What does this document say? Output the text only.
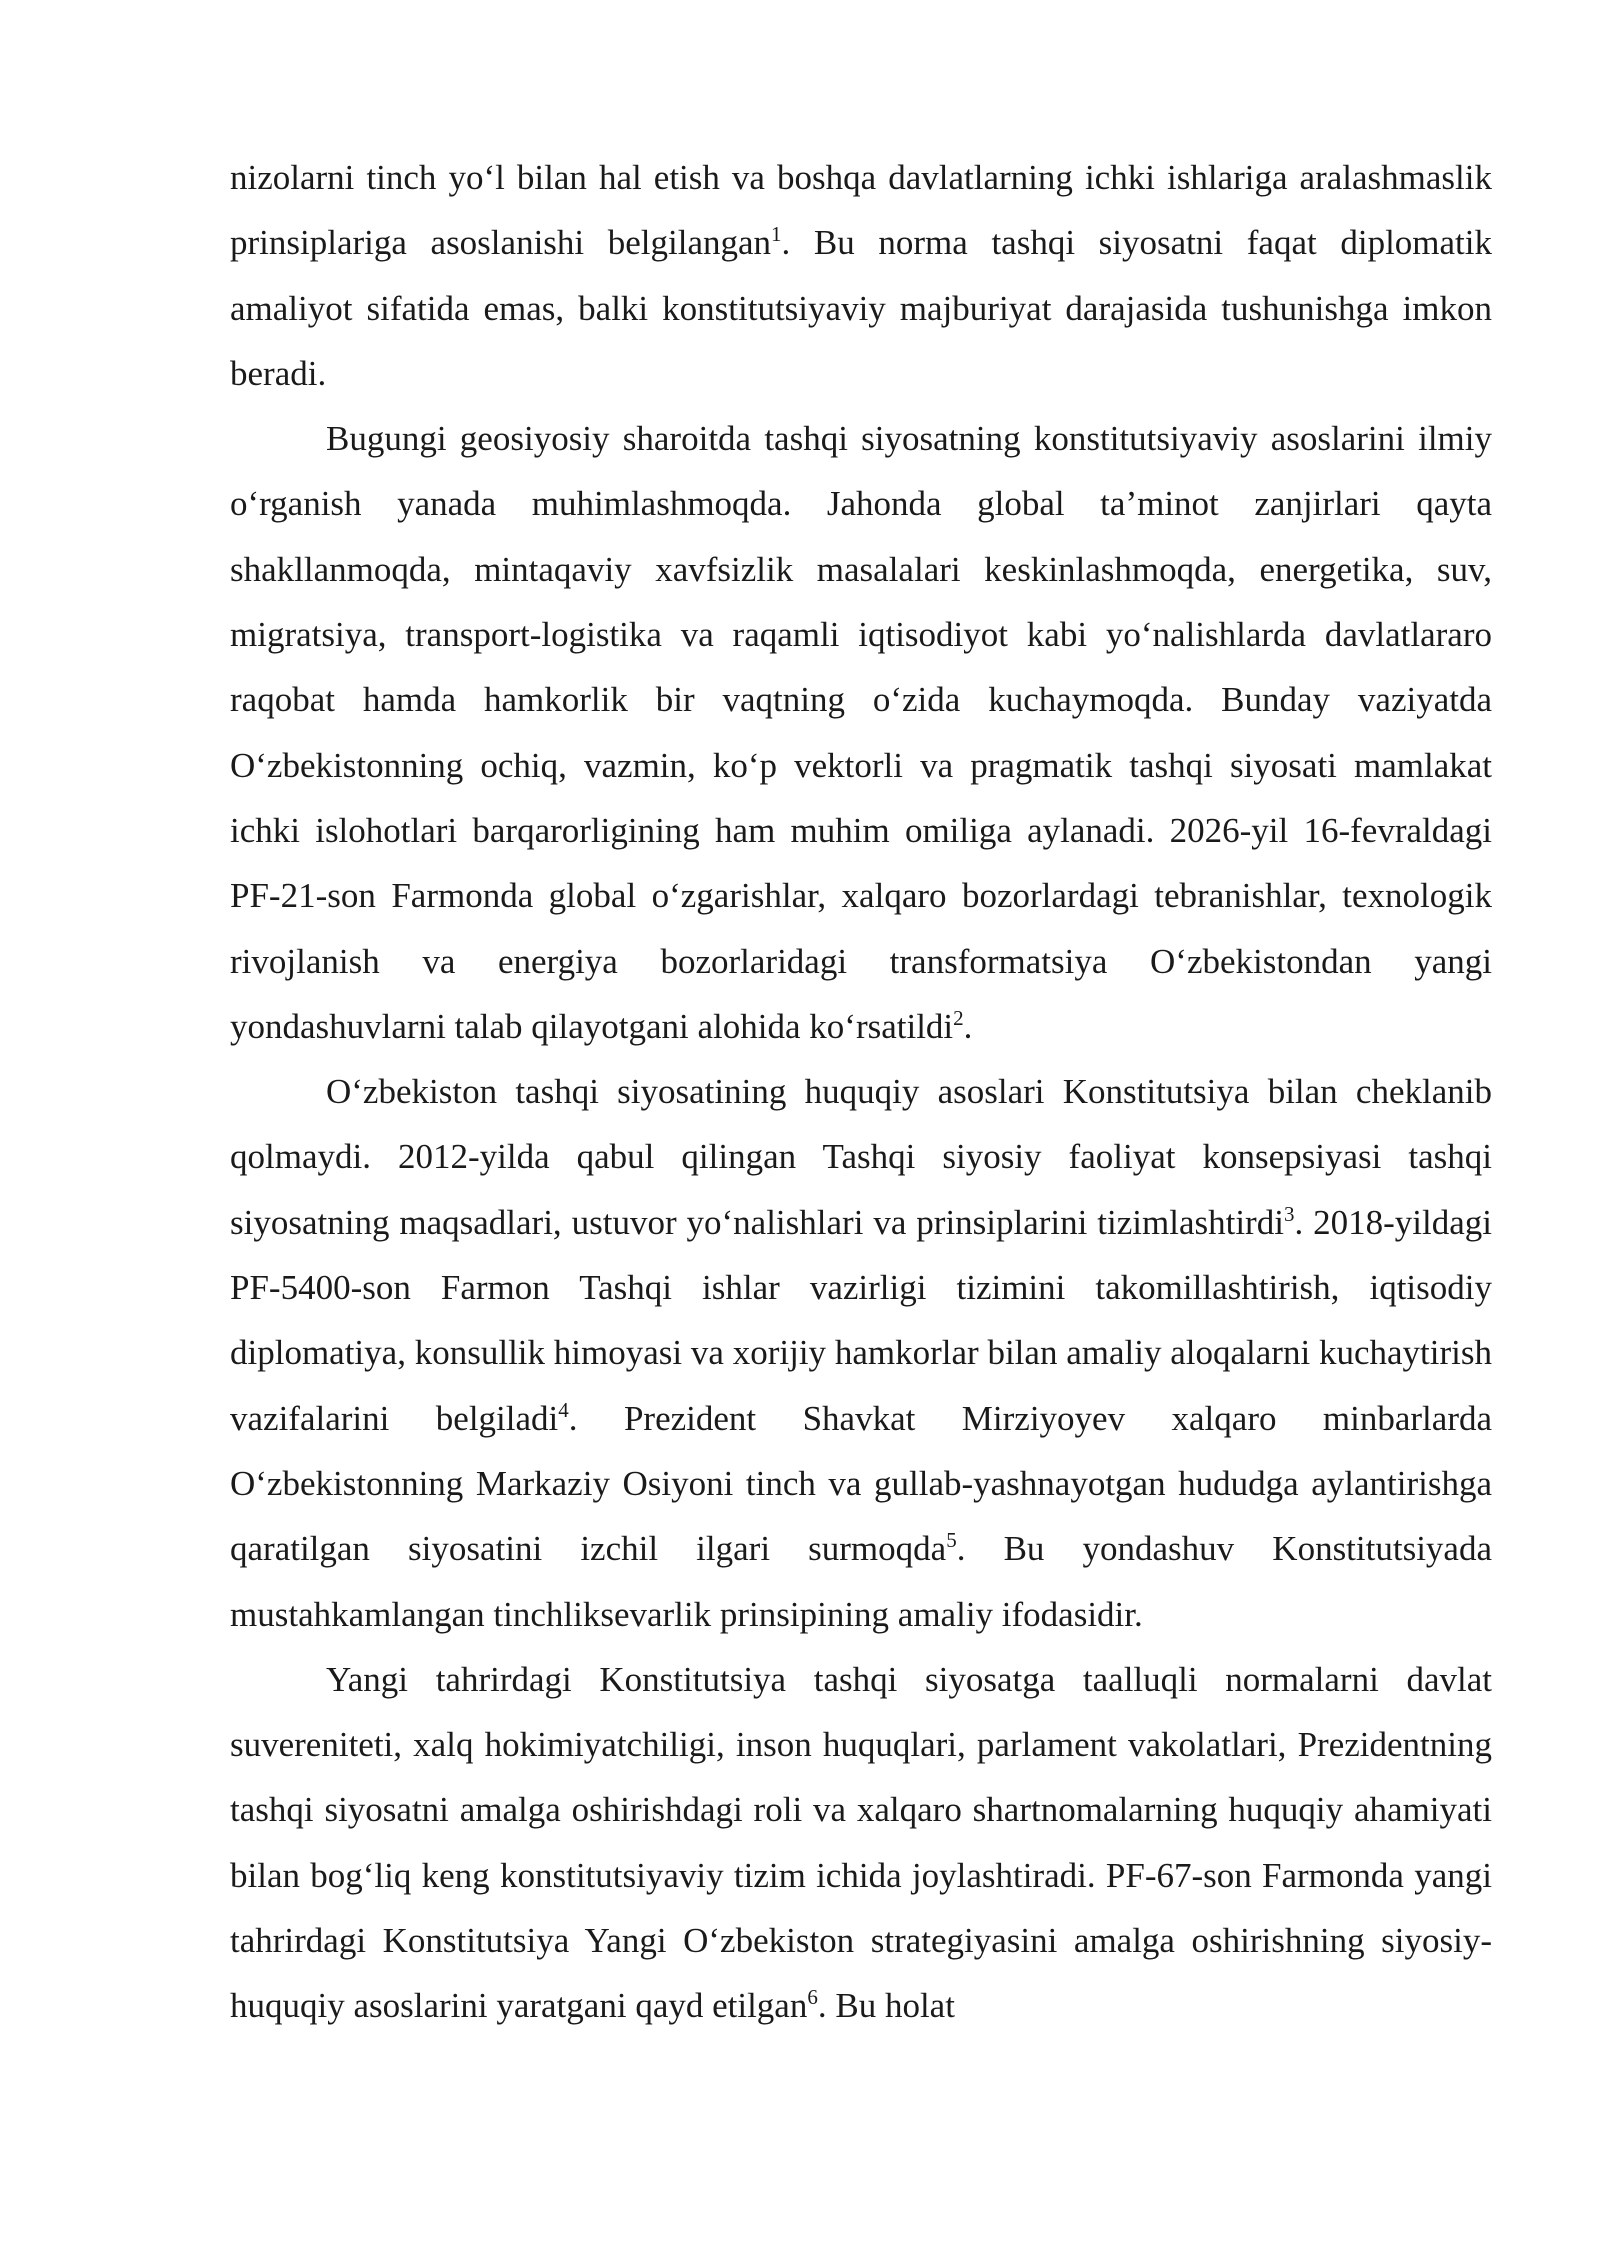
nizolarni tinch yo‘l bilan hal etish va boshqa davlatlarning ichki ishlariga aralashmaslik prinsiplariga asoslanishi belgilangan$^1$. Bu norma tashqi siyosatni faqat diplomatik amaliyot sifatida emas, balki konstitutsiyaviy majburiyat darajasida tushunishga imkon beradi.

Bugungi geosiyosiy sharoitda tashqi siyosatning konstitutsiyaviy asoslarini ilmiy o‘rganish yanada muhimlashmoqda. Jahonda global ta’minot zanjirlari qayta shakllanmoqda, mintaqaviy xavfsizlik masalalari keskinlashmoqda, energetika, suv, migratsiya, transport-logistika va raqamli iqtisodiyot kabi yo‘nalishlarda davlatlararo raqobat hamda hamkorlik bir vaqtning o‘zida kuchaymoqda. Bunday vaziyatda O‘zbekistonning ochiq, vazmin, ko‘p vektorli va pragmatik tashqi siyosati mamlakat ichki islohotlari barqarorligining ham muhim omiliga aylanadi. 2026-yil 16-fevraldagi PF-21-son Farmonda global o‘zgarishlar, xalqaro bozorlardagi tebranishlar, texnologik rivojlanish va energiya bozorlaridagi transformatsiya O‘zbekistondan yangi yondashuvlarni talab qilayotgani alohida ko‘rsatildi$^2$.

O‘zbekiston tashqi siyosatining huquqiy asoslari Konstitutsiya bilan cheklanib qolmaydi. 2012-yilda qabul qilingan Tashqi siyosiy faoliyat konsepsiyasi tashqi siyosatning maqsadlari, ustuvor yo‘nalishlari va prinsiplarini tizimlashtirdi$^3$. 2018-yildagi PF-5400-son Farmon Tashqi ishlar vazirligi tizimini takomillashtirish, iqtisodiy diplomatiya, konsullik himoyasi va xorijiy hamkorlar bilan amaliy aloqalarni kuchaytirish vazifalarini belgiladi$^4$. Prezident Shavkat Mirziyoyev xalqaro minbarlarda O‘zbekistonning Markaziy Osiyoni tinch va gullab-yashnayotgan hududga aylantirishga qaratilgan siyosatini izchil ilgari surmoqda$^5$. Bu yondashuv Konstitutsiyada mustahkamlangan tinchliksevarlik prinsipining amaliy ifodasidir.

Yangi tahrirdagi Konstitutsiya tashqi siyosatga taalluqli normalarni davlat suvereniteti, xalq hokimiyatchiligi, inson huquqlari, parlament vakolatlari, Prezidentning tashqi siyosatni amalga oshirishdagi roli va xalqaro shartnomalarning huquqiy ahamiyati bilan bog‘liq keng konstitutsiyaviy tizim ichida joylashtiradi. PF-67-son Farmonda yangi tahrirdagi Konstitutsiya Yangi O‘zbekiston strategiyasini amalga oshirishning siyosiy-huquqiy asoslarini yaratgani qayd etilgan$^6$. Bu holat
